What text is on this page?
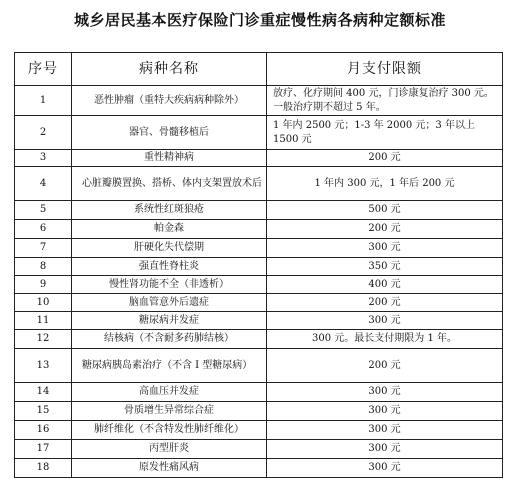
城乡居民基本医疗保险门诊重症慢性病各病种定额标准
序号	病种名称	月支付限额
1	恶性肿瘤（重特大疾病病种除外）	放疗、化疗期间 400 元，门诊康复治疗 300 元。一般治疗期不超过 5 年。
2	器官、骨髓移植后	1 年内 2500 元；1-3 年 2000 元；3 年以上 1500 元
3	重性精神病	200 元
4	心脏瓣膜置换、搭桥、体内支架置放术后	1 年内 300 元，1 年后 200 元
5	系统性红斑狼疮	500 元
6	帕金森	200 元
7	肝硬化失代偿期	300 元
8	强直性脊柱炎	350 元
9	慢性肾功能不全（非透析）	400 元
10	脑血管意外后遗症	200 元
11	糖尿病并发症	300 元
12	结核病（不含耐多药肺结核）	300 元。最长支付期限为 1 年。
13	糖尿病胰岛素治疗（不含 I 型糖尿病）	200 元
14	高血压并发症	300 元
15	骨质增生异常综合症	300 元
16	肺纤维化（不含特发性肺纤维化）	300 元
17	丙型肝炎	300 元
18	原发性痛风病	300 元
